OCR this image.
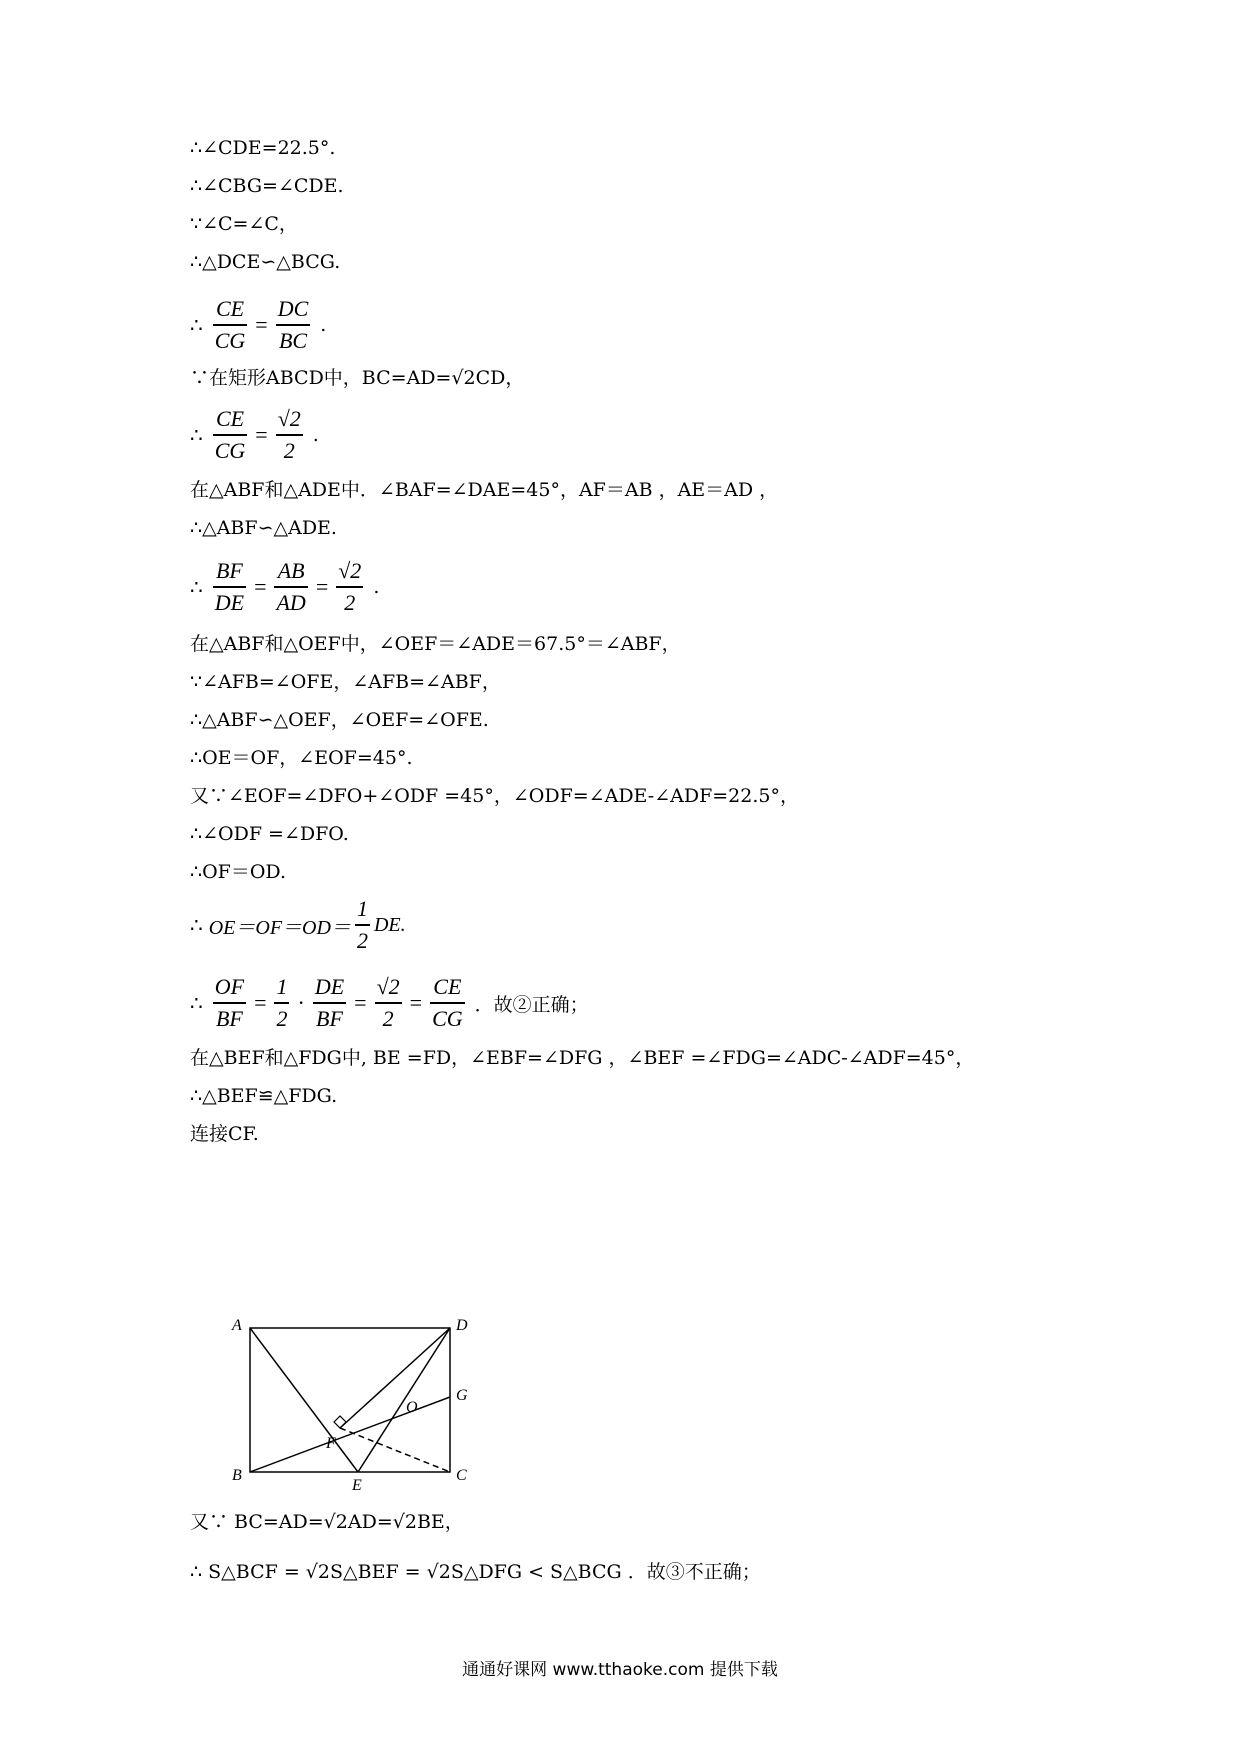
∴∠CDE=22.5°.
∴∠CBG=∠CDE.
∵∠C=∠C，
∴△DCE∽△BCG.
∴ $\frac{CE}{CG} = \frac{DC}{BC}$ .
∵在矩形ABCD中，BC=AD=√2CD，
∴ $\frac{CE}{CG} = \frac{√2}{2}$ .
在△ABF和△ADE中．∠BAF=∠DAE=45°，AF＝AB ，AE＝AD ，
∴△ABF∽△ADE.
∴ $\frac{BF}{DE} = \frac{AB}{AD} = \frac{√2}{2}$ .
在△ABF和△OEF中，∠OEF＝∠ADE＝67.5°＝∠ABF，
∵∠AFB=∠OFE，∠AFB=∠ABF，
∴△ABF∽△OEF，∠OEF=∠OFE.
∴OE＝OF，∠EOF=45°.
又∵∠EOF=∠DFO+∠ODF =45°，∠ODF=∠ADE-∠ADF=22.5°，
∴∠ODF =∠DFO.
∴OF＝OD.
∴ $OE=OF=OD= \frac{1}{2}$ DE.
∴ $\frac{OF}{BF} = \frac{1}{2} \cdot \frac{DE}{BF} = \frac{√2}{2} = \frac{CE}{CG}$ ．故②正确；
在△BEF和△FDG中, BE =FD，∠EBF=∠DFG ，∠BEF =∠FDG=∠ADC-∠ADF=45°，
∴△BEF≌△FDG.
连接CF.
A	D
G
O
F
B
E
C
又∵ BC=AD=√2AD=√2BE，
∴ S△BCF = √2S△BEF = √2S△DFG < S△BCG ．故③不正确；
通通好课网 www.tthaoke.com 提供下载
